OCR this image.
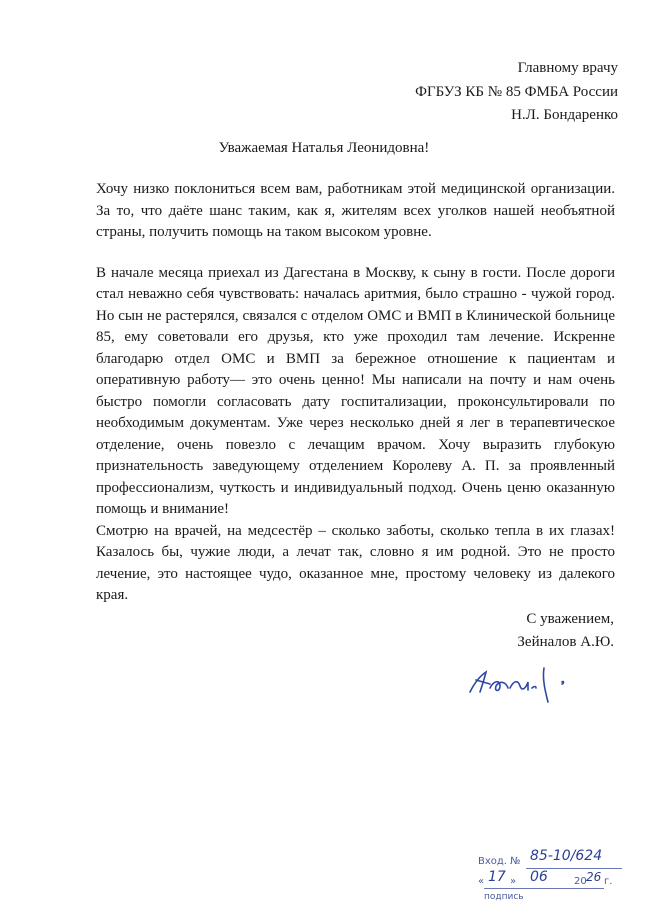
Главному врачу
ФГБУЗ КБ № 85 ФМБА России
Н.Л. Бондаренко
Уважаемая Наталья Леонидовна!

Хочу низко поклониться всем вам, работникам этой медицинской организации. За то, что даёте шанс таким, как я, жителям всех уголков нашей необъятной страны, получить помощь на таком высоком уровне.

В начале месяца приехал из Дагестана в Москву, к сыну в гости. После дороги стал неважно себя чувствовать: началась аритмия, было страшно - чужой город. Но сын не растерялся, связался с отделом ОМС и ВМП в Клинической больнице 85, ему советовали его друзья, кто уже проходил там лечение. Искренне благодарю отдел ОМС и ВМП за бережное отношение к пациентам и оперативную работу— это очень ценно! Мы написали на почту и нам очень быстро помогли согласовать дату госпитализации, проконсультировали по необходимым документам. Уже через несколько дней я лег в терапевтическое отделение, очень повезло с лечащим врачом. Хочу выразить глубокую признательность заведующему отделением Королеву А. П. за проявленный профессионализм, чуткость и индивидуальный подход. Очень ценю оказанную помощь и внимание!

Смотрю на врачей, на медсестёр – сколько заботы, сколько тепла в их глазах! Казалось бы, чужие люди, а лечат так, словно я им родной. Это не просто лечение, это настоящее чудо, оказанное мне, простому человеку из далекого края.

С уважением,
Зейналов А.Ю.
Вход. № 85-10/624
« 17 » 06	20 26 г.
подпись
